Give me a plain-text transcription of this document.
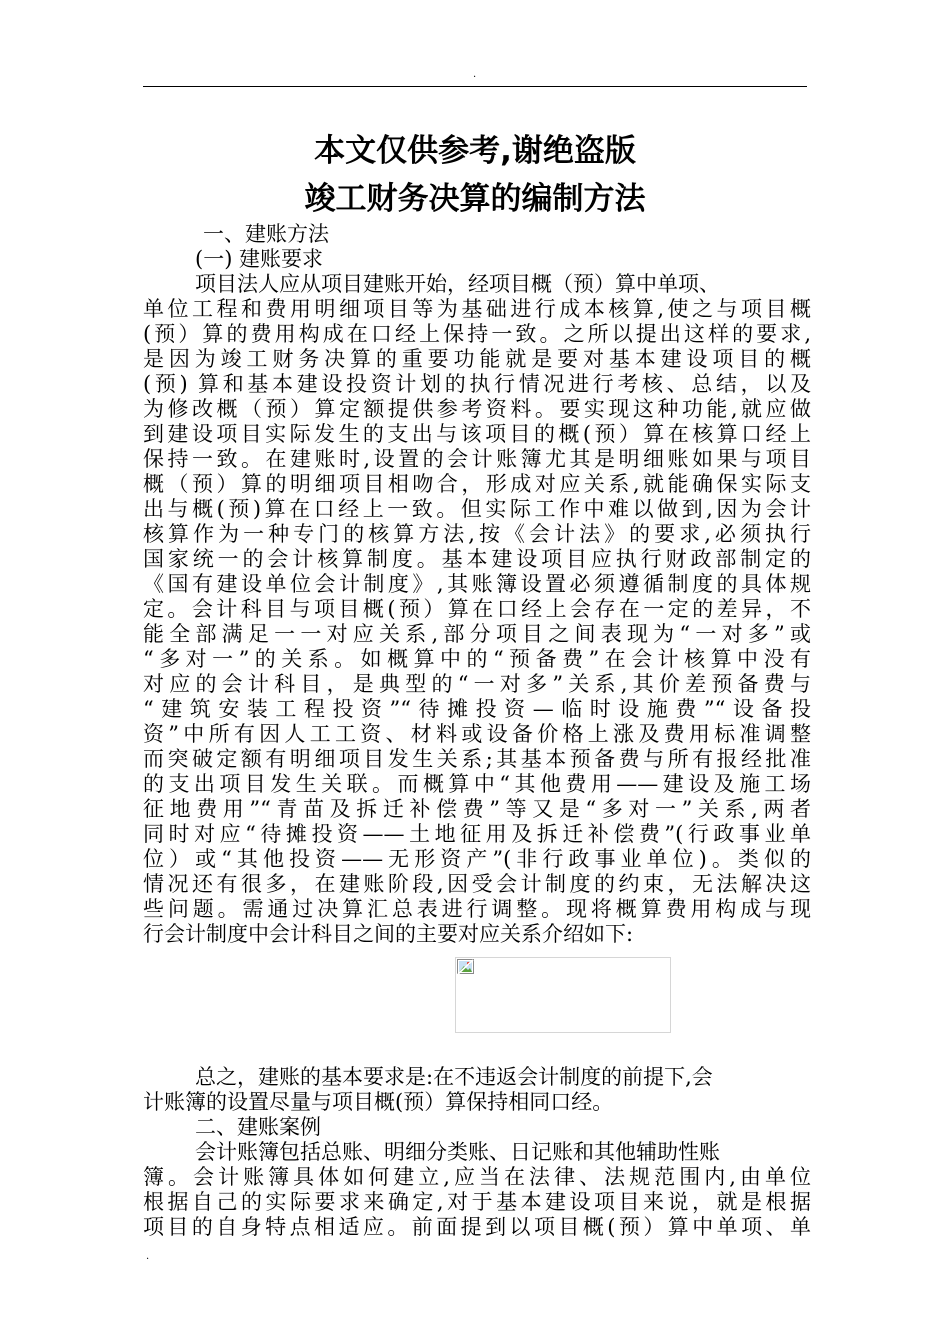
.
本文仅供参考,谢绝盗版
竣工财务决算的编制方法
一、建账方法
(一) 建账要求
项目法人应从项目建账开始，经项目概（预）算中单项、
单位工程和费用明细项目等为基础进行成本核算,使之与项目概
(预）算的费用构成在口经上保持一致。之所以提出这样的要求,
是因为竣工财务决算的重要功能就是要对基本建设项目的概
(预) 算和基本建设投资计划的执行情况进行考核、总结，以及
为修改概（预）算定额提供参考资料。要实现这种功能,就应做
到建设项目实际发生的支出与该项目的概(预）算在核算口经上
保持一致。在建账时,设置的会计账簿尤其是明细账如果与项目
概（预）算的明细项目相吻合，形成对应关系,就能确保实际支
出与概(预)算在口经上一致。但实际工作中难以做到,因为会计
核算作为一种专门的核算方法,按《会计法》的要求,必须执行
国家统一的会计核算制度。基本建设项目应执行财政部制定的
《国有建设单位会计制度》,其账簿设置必须遵循制度的具体规
定。会计科目与项目概(预）算在口经上会存在一定的差异，不
能全部满足一一对应关系,部分项目之间表现为“一对多”或
“多对一”的关系。如概算中的“预备费”在会计核算中没有
对应的会计科目，是典型的“一对多”关系,其价差预备费与
“建筑安装工程投资”“待摊投资—临时设施费”“设备投
资”中所有因人工工资、材料或设备价格上涨及费用标准调整
而突破定额有明细项目发生关系;其基本预备费与所有报经批准
的支出项目发生关联。而概算中“其他费用——建设及施工场
征地费用”“青苗及拆迁补偿费”等又是“多对一”关系,两者
同时对应“待摊投资——土地征用及拆迁补偿费”(行政事业单
位）或“其他投资——无形资产”(非行政事业单位)。类似的
情况还有很多，在建账阶段,因受会计制度的约束，无法解决这
些问题。需通过决算汇总表进行调整。现将概算费用构成与现
行会计制度中会计科目之间的主要对应关系介绍如下:
总之，建账的基本要求是:在不违返会计制度的前提下,会
计账簿的设置尽量与项目概(预）算保持相同口经。
二、建账案例
会计账簿包括总账、明细分类账、日记账和其他辅助性账
簿。会计账簿具体如何建立,应当在法律、法规范围内,由单位
根据自己的实际要求来确定,对于基本建设项目来说，就是根据
项目的自身特点相适应。前面提到以项目概(预）算中单项、单
.
